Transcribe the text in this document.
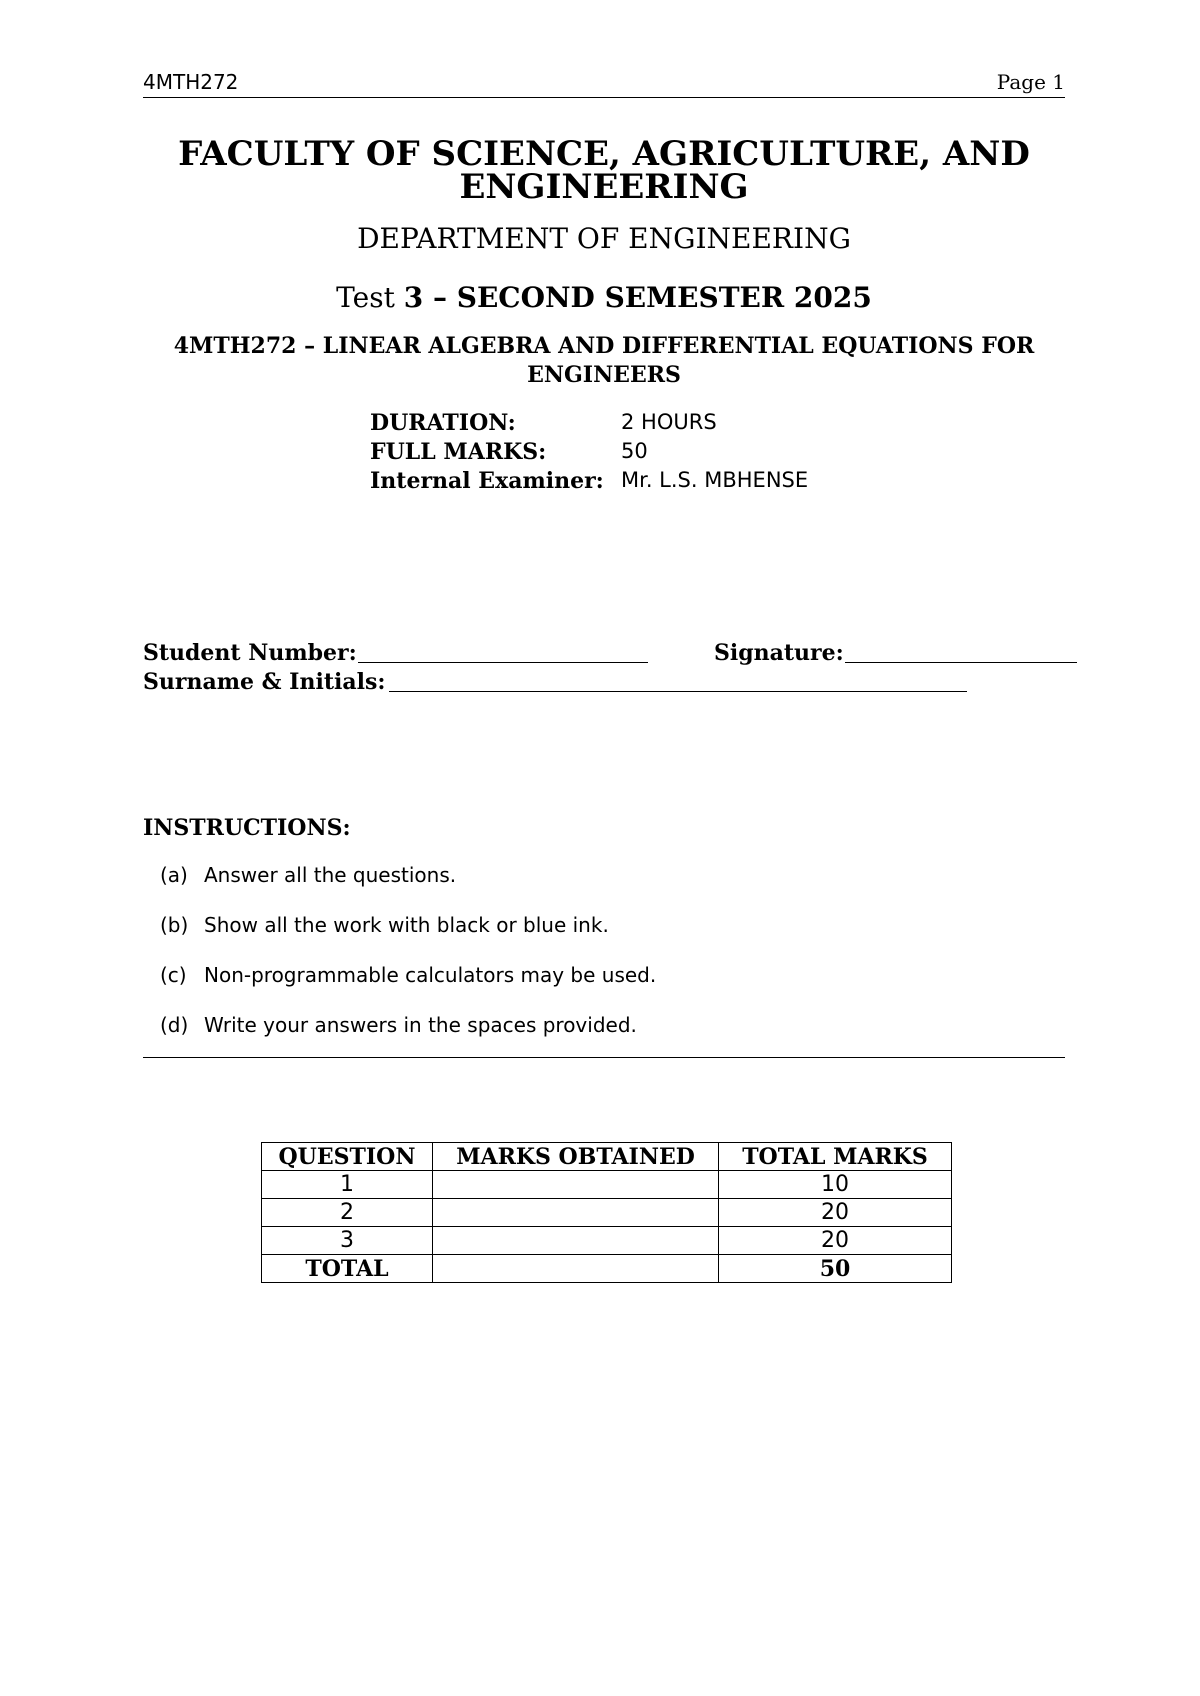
4MTH272	Page 1
FACULTY OF SCIENCE, AGRICULTURE, AND ENGINEERING
DEPARTMENT OF ENGINEERING
Test 3 – SECOND SEMESTER 2025
4MTH272 – LINEAR ALGEBRA AND DIFFERENTIAL EQUATIONS FOR ENGINEERS
DURATION:	2 HOURS
FULL MARKS:	50
Internal Examiner: Mr. L.S. MBHENSE
Student Number:	Signature:
Surname & Initials:
INSTRUCTIONS:
(a) Answer all the questions.
(b) Show all the work with black or blue ink.
(c) Non-programmable calculators may be used.
(d) Write your answers in the spaces provided.
QUESTION	MARKS OBTAINED	TOTAL MARKS
1		10
2		20
3		20
TOTAL		50
